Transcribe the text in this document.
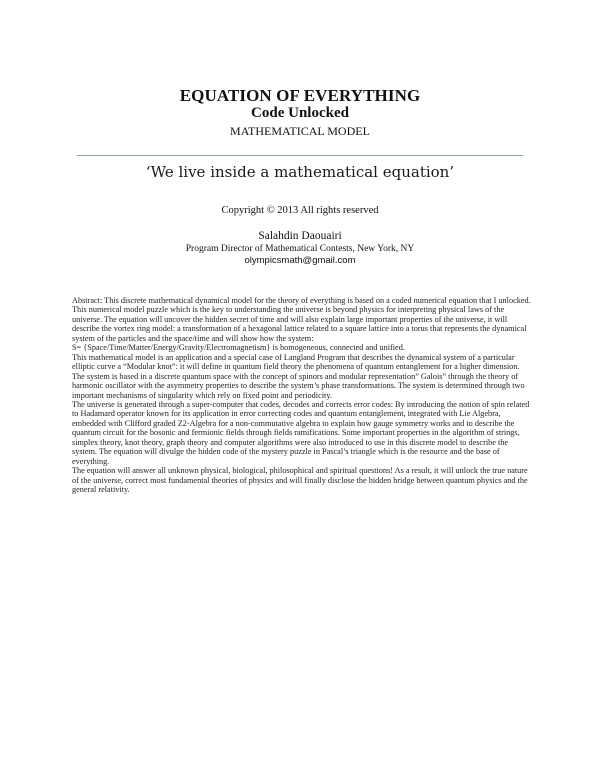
EQUATION OF EVERYTHING
Code Unlocked
MATHEMATICAL MODEL
‘We live inside a mathematical equation’
Copyright © 2013 All rights reserved
Salahdin Daouairi
Program Director of Mathematical Contests, New York, NY
olympicsmath@gmail.com

Abstract: This discrete mathematical dynamical model for the theory of everything is based on a coded numerical equation that I unlocked. This numerical model puzzle which is the key to understanding the universe is beyond physics for interpreting physical laws of the universe. The equation will uncover the hidden secret of time and will also explain large important properties of the universe, it will describe the vortex ring model: a transformation of a hexagonal lattice related to a square lattice into a torus that represents the dynamical system of the particles and the space/time and will show how the system:

S= {Space/Time/Matter/Energy/Gravity/Electromagnetism} is homogeneous, connected and unified.

This mathematical model is an application and a special case of Langland Program that describes the dynamical system of a particular elliptic curve a “Modular knot”: it will define in quantum field theory the phenomena of quantum entanglement for a higher dimension. The system is based in a discrete quantum space with the concept of spinors and modular representation” Galois” through the theory of harmonic oscillator with the asymmetry properties to describe the system’s phase transformations. The system is determined through two important mechanisms of singularity which rely on fixed point and periodicity.

The universe is generated through a super-computer that codes, decodes and corrects error codes: By introducing the notion of spin related to Hadamard operator known for its application in error correcting codes and quantum entanglement, integrated with Lie Algebra, embedded with Clifford graded Z2-Algebra for a non-commutative algebra to explain how gauge symmetry works and to describe the quantum circuit for the bosonic and fermionic fields through fields ramifications. Some important properties in the algorithm of strings, simplex theory, knot theory, graph theory and computer algorithms were also introduced to use in this discrete model to describe the system. The equation will divulge the hidden code of the mystery puzzle in Pascal’s triangle which is the resource and the base of everything.

The equation will answer all unknown physical, biological, philosophical and spiritual questions! As a result, it will unlock the true nature of the universe, correct most fundamental theories of physics and will finally disclose the hidden bridge between quantum physics and the general relativity.
